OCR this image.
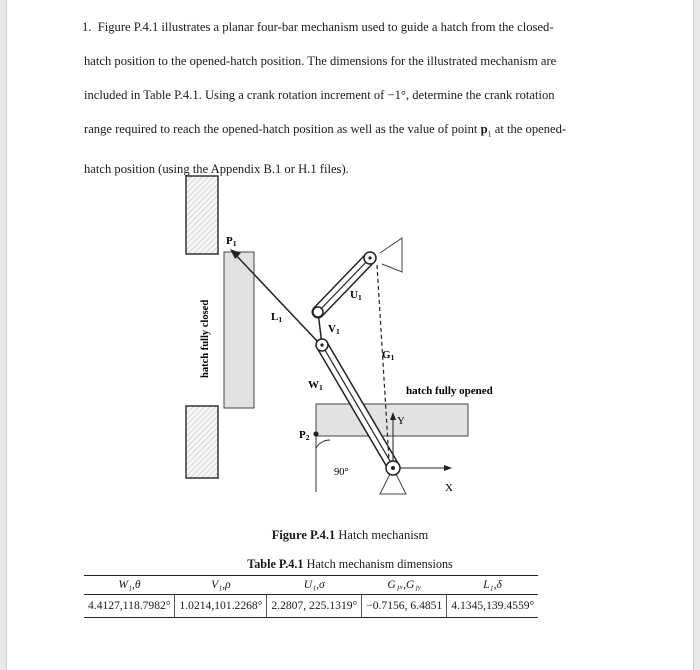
1. Figure P.4.1 illustrates a planar four-bar mechanism used to guide a hatch from the closed-
hatch position to the opened-hatch position. The dimensions for the illustrated mechanism are
included in Table P.4.1. Using a crank rotation increment of −1°, determine the crank rotation
range required to reach the opened-hatch position as well as the value of point $p_1$ at the opened-
hatch position (using the Appendix B.1 or H.1 files).
hatch fully closed
hatch fully opened
Y
X
90°
P1
P2
L1
U1
V1
W1
G1
Figure P.4.1 Hatch mechanism
Table P.4.1 Hatch mechanism dimensions
W₁,θ	V₁,ρ	U₁,σ	G₁ₓ,G₁ᵧ	L₁,δ
4.4127,118.7982°	1.0214,101.2268°	2.2807, 225.1319°	−0.7156, 6.4851	4.1345,139.4559°
